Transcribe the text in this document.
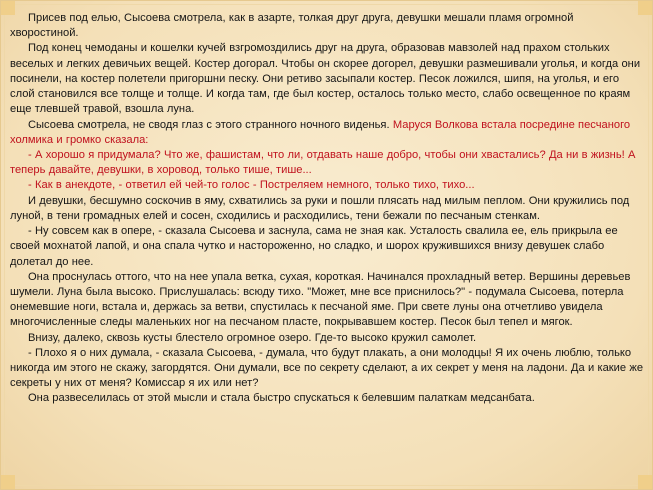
Присев под елью, Сысоева смотрела, как в азарте, толкая друг друга, девушки мешали пламя огромной хворостиной.

Под конец чемоданы и кошелки кучей взгромоздились друг на друга, образовав мавзолей над прахом стольких веселых и легких девичьих вещей. Костер догорал. Чтобы он скорее догорел, девушки размешивали уголья, и когда они посинели, на костер полетели пригоршни песку. Они ретиво засыпали костер. Песок ложился, шипя, на уголья, и его слой становился все толще и толще. И когда там, где был костер, осталось только место, слабо освещенное по краям еще тлевшей травой, взошла луна.

Сысоева смотрела, не сводя глаз с этого странного ночного виденья. Маруся Волкова встала посредине песчаного холмика и громко сказала:

- А хорошо я придумала? Что же, фашистам, что ли, отдавать наше добро, чтобы они хвастались? Да ни в жизнь! А теперь давайте, девушки, в хоровод, только тише, тише...

- Как в анекдоте, - ответил ей чей-то голос - Постреляем немного, только тихо, тихо...

И девушки, бесшумно соскочив в яму, схватились за руки и пошли плясать над милым пеплом. Они кружились под луной, в тени громадных елей и сосен, сходились и расходились, тени бежали по песчаным стенкам.

- Ну совсем как в опере, - сказала Сысоева и заснула, сама не зная как. Усталость свалила ее, ель прикрыла ее своей мохнатой лапой, и она спала чутко и настороженно, но сладко, и шорох кружившихся внизу девушек слабо долетал до нее.

Она проснулась оттого, что на нее упала ветка, сухая, короткая. Начинался прохладный ветер. Вершины деревьев шумели. Луна была высоко. Прислушалась: всюду тихо. "Может, мне все приснилось?" - подумала Сысоева, потерла онемевшие ноги, встала и, держась за ветви, спустилась к песчаной яме. При свете луны она отчетливо увидела многочисленные следы маленьких ног на песчаном пласте, покрывавшем костер. Песок был тепел и мягок.

Внизу, далеко, сквозь кусты блестело огромное озеро. Где-то высоко кружил самолет.

- Плохо я о них думала, - сказала Сысоева, - думала, что будут плакать, а они молодцы! Я их очень люблю, только никогда им этого не скажу, загордятся. Они думали, все по секрету сделают, а их секрет у меня на ладони. Да и какие же секреты у них от меня? Комиссар я их или нет?

Она развеселилась от этой мысли и стала быстро спускаться к белевшим палаткам медсанбата.
